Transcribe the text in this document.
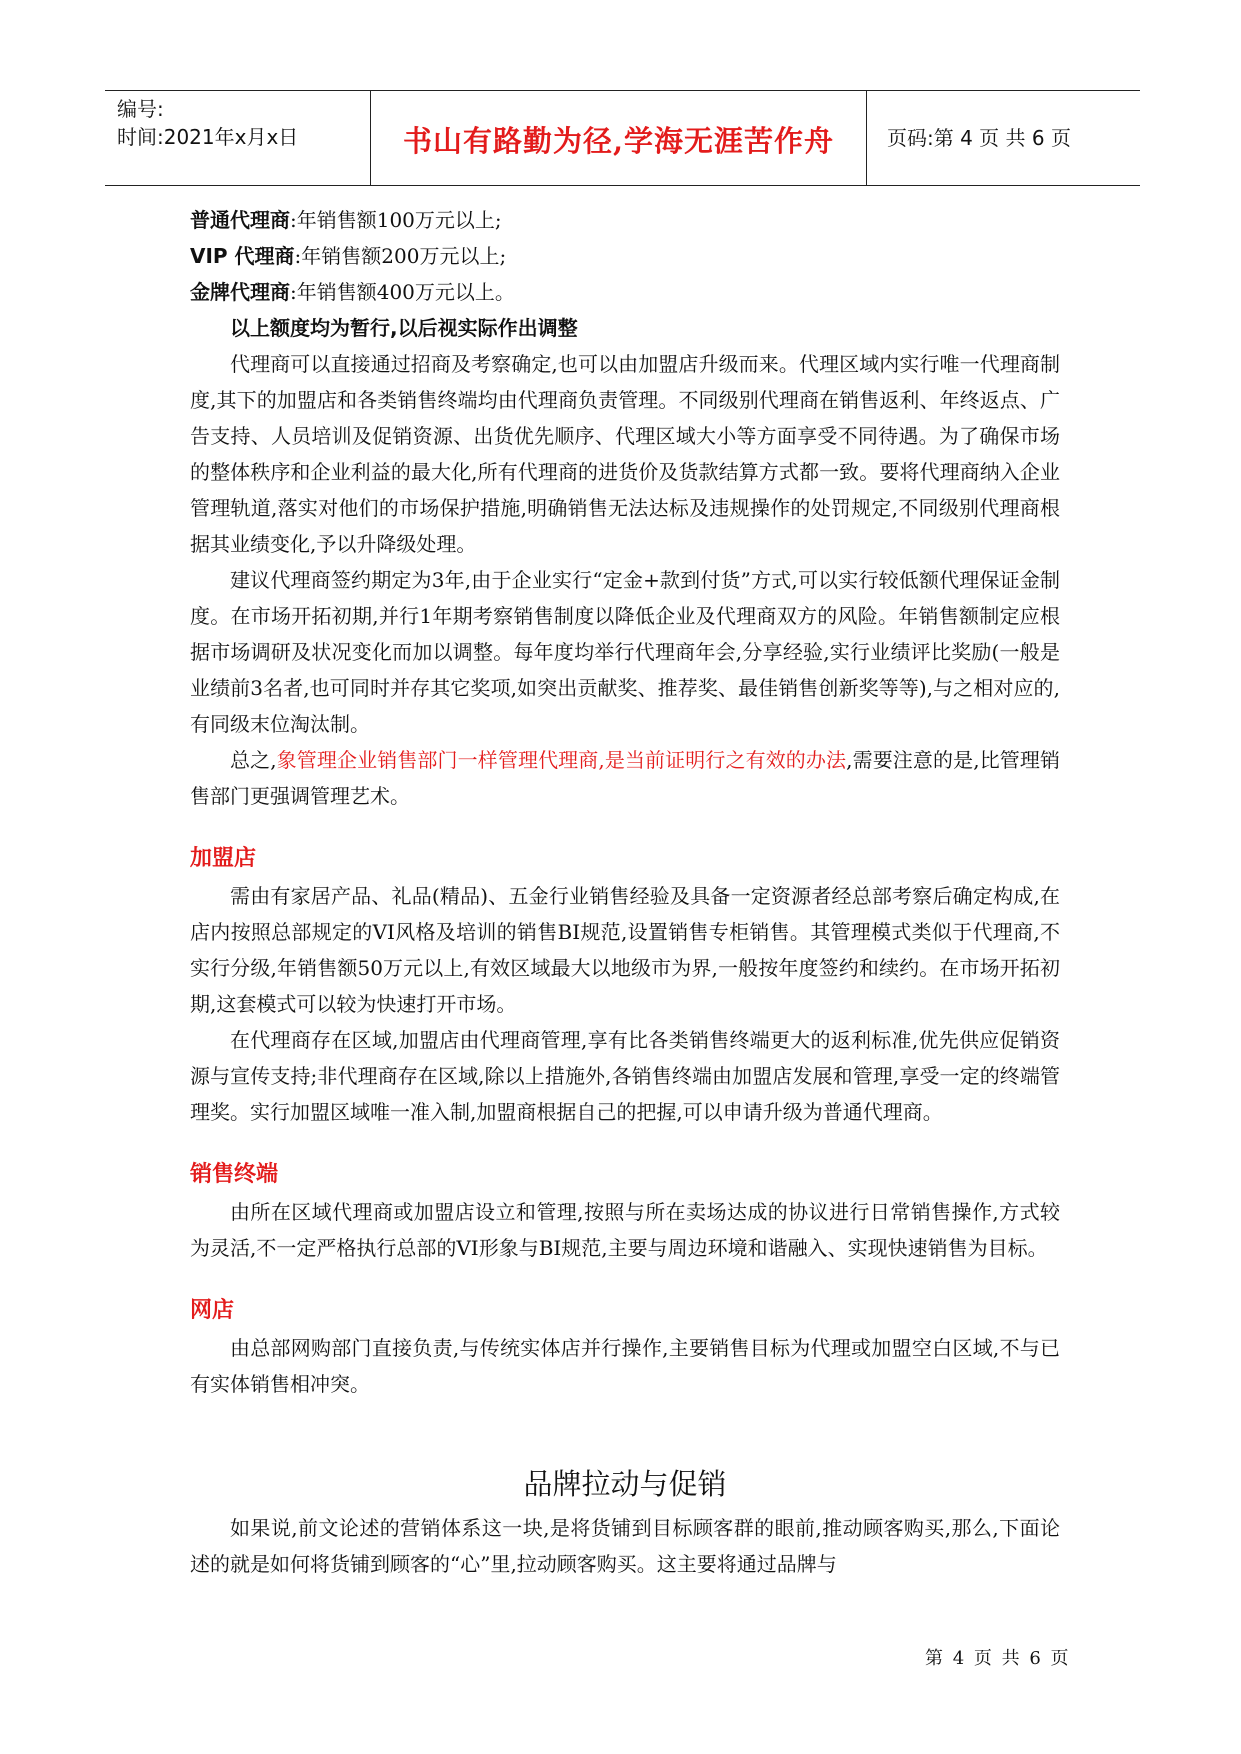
编号:
时间:2021年x月x日	书山有路勤为径,学海无涯苦作舟	页码:第 4 页 共 6 页
普通代理商:年销售额100万元以上;
VIP 代理商:年销售额200万元以上;
金牌代理商:年销售额400万元以上。
以上额度均为暂行,以后视实际作出调整

代理商可以直接通过招商及考察确定,也可以由加盟店升级而来。代理区域内实行唯一代理商制度,其下的加盟店和各类销售终端均由代理商负责管理。不同级别代理商在销售返利、年终返点、广告支持、人员培训及促销资源、出货优先顺序、代理区域大小等方面享受不同待遇。为了确保市场的整体秩序和企业利益的最大化,所有代理商的进货价及货款结算方式都一致。要将代理商纳入企业管理轨道,落实对他们的市场保护措施,明确销售无法达标及违规操作的处罚规定,不同级别代理商根据其业绩变化,予以升降级处理。

建议代理商签约期定为3年,由于企业实行“定金+款到付货”方式,可以实行较低额代理保证金制度。在市场开拓初期,并行1年期考察销售制度以降低企业及代理商双方的风险。年销售额制定应根据市场调研及状况变化而加以调整。每年度均举行代理商年会,分享经验,实行业绩评比奖励(一般是业绩前3名者,也可同时并存其它奖项,如突出贡献奖、推荐奖、最佳销售创新奖等等),与之相对应的,有同级末位淘汰制。

总之,象管理企业销售部门一样管理代理商,是当前证明行之有效的办法,需要注意的是,比管理销售部门更强调管理艺术。

加盟店

需由有家居产品、礼品(精品)、五金行业销售经验及具备一定资源者经总部考察后确定构成,在店内按照总部规定的VI风格及培训的销售BI规范,设置销售专柜销售。其管理模式类似于代理商,不实行分级,年销售额50万元以上,有效区域最大以地级市为界,一般按年度签约和续约。在市场开拓初期,这套模式可以较为快速打开市场。

在代理商存在区域,加盟店由代理商管理,享有比各类销售终端更大的返利标准,优先供应促销资源与宣传支持;非代理商存在区域,除以上措施外,各销售终端由加盟店发展和管理,享受一定的终端管理奖。实行加盟区域唯一准入制,加盟商根据自己的把握,可以申请升级为普通代理商。

销售终端

由所在区域代理商或加盟店设立和管理,按照与所在卖场达成的协议进行日常销售操作,方式较为灵活,不一定严格执行总部的VI形象与BI规范,主要与周边环境和谐融入、实现快速销售为目标。

网店

由总部网购部门直接负责,与传统实体店并行操作,主要销售目标为代理或加盟空白区域,不与已有实体销售相冲突。

品牌拉动与促销

如果说,前文论述的营销体系这一块,是将货铺到目标顾客群的眼前,推动顾客购买,那么,下面论述的就是如何将货铺到顾客的“心”里,拉动顾客购买。这主要将通过品牌与

第 4 页 共 6 页
